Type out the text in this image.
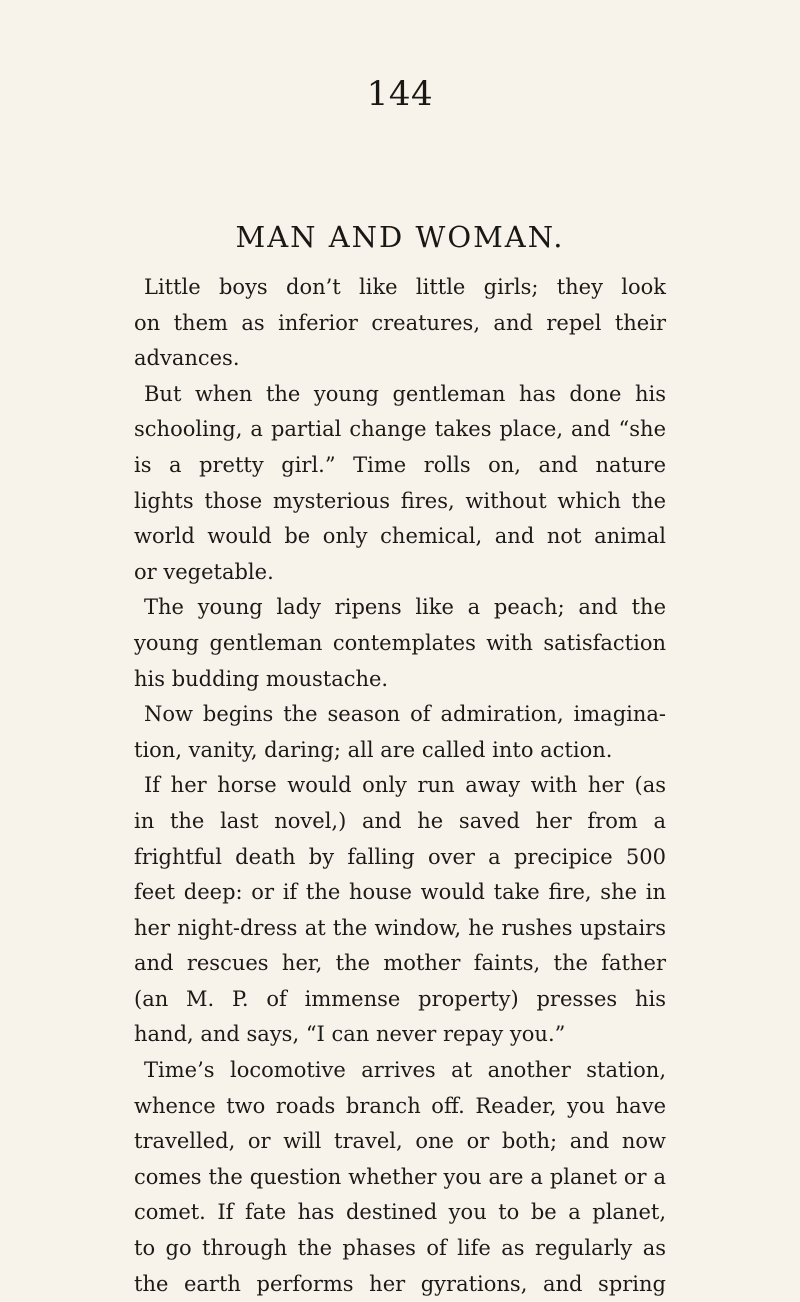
144
MAN AND WOMAN.
Little boys don’t like little girls; they look
on them as inferior creatures, and repel their
advances.
But when the young gentleman has done his
schooling, a partial change takes place, and “she
is a pretty girl.” Time rolls on, and nature
lights those mysterious fires, without which the
world would be only chemical, and not animal
or vegetable.
The young lady ripens like a peach; and the
young gentleman contemplates with satisfaction
his budding moustache.
Now begins the season of admiration, imagina-
tion, vanity, daring; all are called into action.
If her horse would only run away with her (as
in the last novel,) and he saved her from a
frightful death by falling over a precipice 500
feet deep: or if the house would take fire, she in
her night-dress at the window, he rushes upstairs
and rescues her, the mother faints, the father
(an M. P. of immense property) presses his
hand, and says, “I can never repay you.”
Time’s locomotive arrives at another station,
whence two roads branch off. Reader, you have
travelled, or will travel, one or both; and now
comes the question whether you are a planet or a
comet. If fate has destined you to be a planet,
to go through the phases of life as regularly as
the earth performs her gyrations, and spring
